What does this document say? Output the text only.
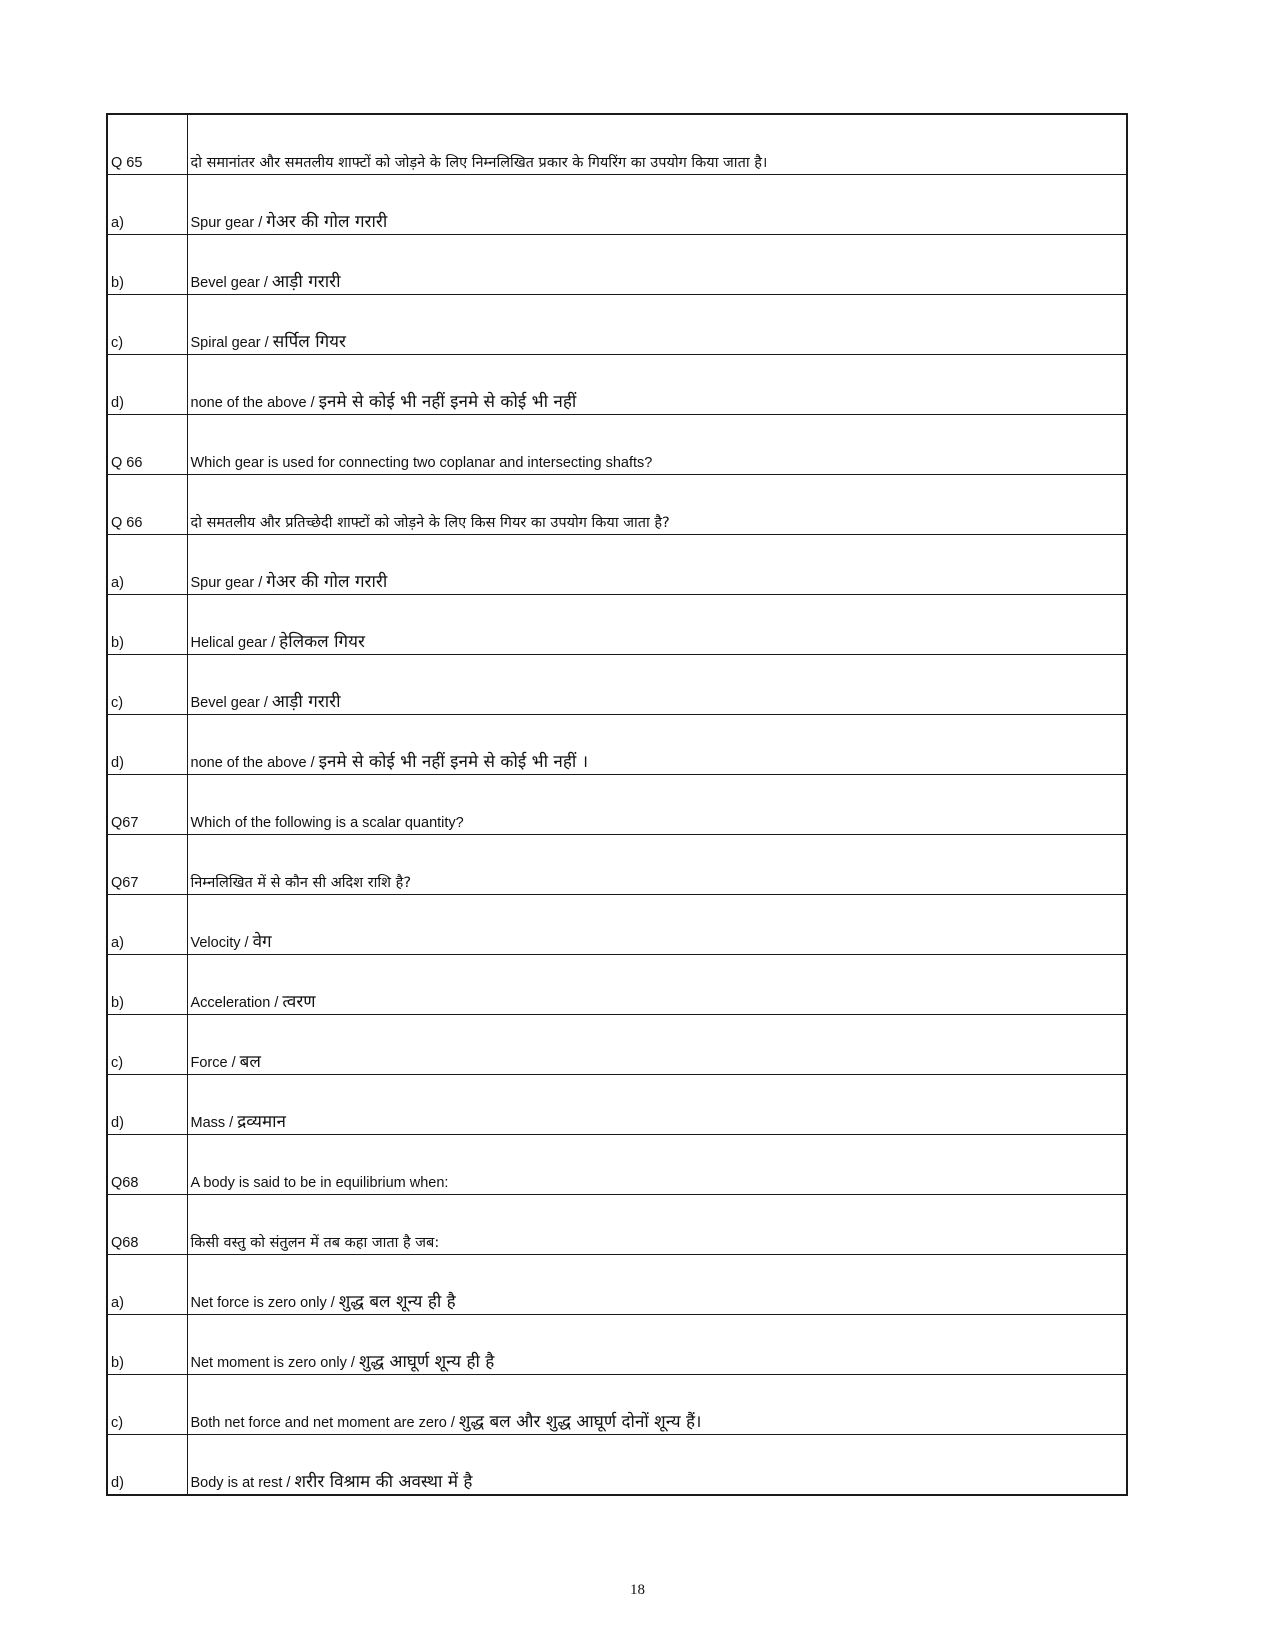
Q 65	दो समानांतर और समतलीय शाफ्टों को जोड़ने के लिए निम्नलिखित प्रकार के गियरिंग का उपयोग किया जाता है।
a)	Spur gear / गेअर की गोल गरारी
b)	Bevel gear / आड़ी गरारी
c)	Spiral gear / सर्पिल गियर
d)	none of the above / इनमे से कोई भी नहीं इनमे से कोई भी नहीं
Q 66	Which gear is used for connecting two coplanar and intersecting shafts?
Q 66	दो समतलीय और प्रतिच्छेदी शाफ्टों को जोड़ने के लिए किस गियर का उपयोग किया जाता है?
a)	Spur gear / गेअर की गोल गरारी
b)	Helical gear / हेलिकल गियर
c)	Bevel gear / आड़ी गरारी
d)	none of the above / इनमे से कोई भी नहीं इनमे से कोई भी नहीं ।
Q67	Which of the following is a scalar quantity?
Q67	निम्नलिखित में से कौन सी अदिश राशि है?
a)	Velocity / वेग
b)	Acceleration / त्वरण
c)	Force / बल
d)	Mass / द्रव्यमान
Q68	A body is said to be in equilibrium when:
Q68	किसी वस्तु को संतुलन में तब कहा जाता है जब:
a)	Net force is zero only / शुद्ध बल शून्य ही है
b)	Net moment is zero only / शुद्ध आघूर्ण शून्य ही है
c)	Both net force and net moment are zero / शुद्ध बल और शुद्ध आघूर्ण दोनों शून्य हैं।
d)	Body is at rest / शरीर विश्राम की अवस्था में है
18
